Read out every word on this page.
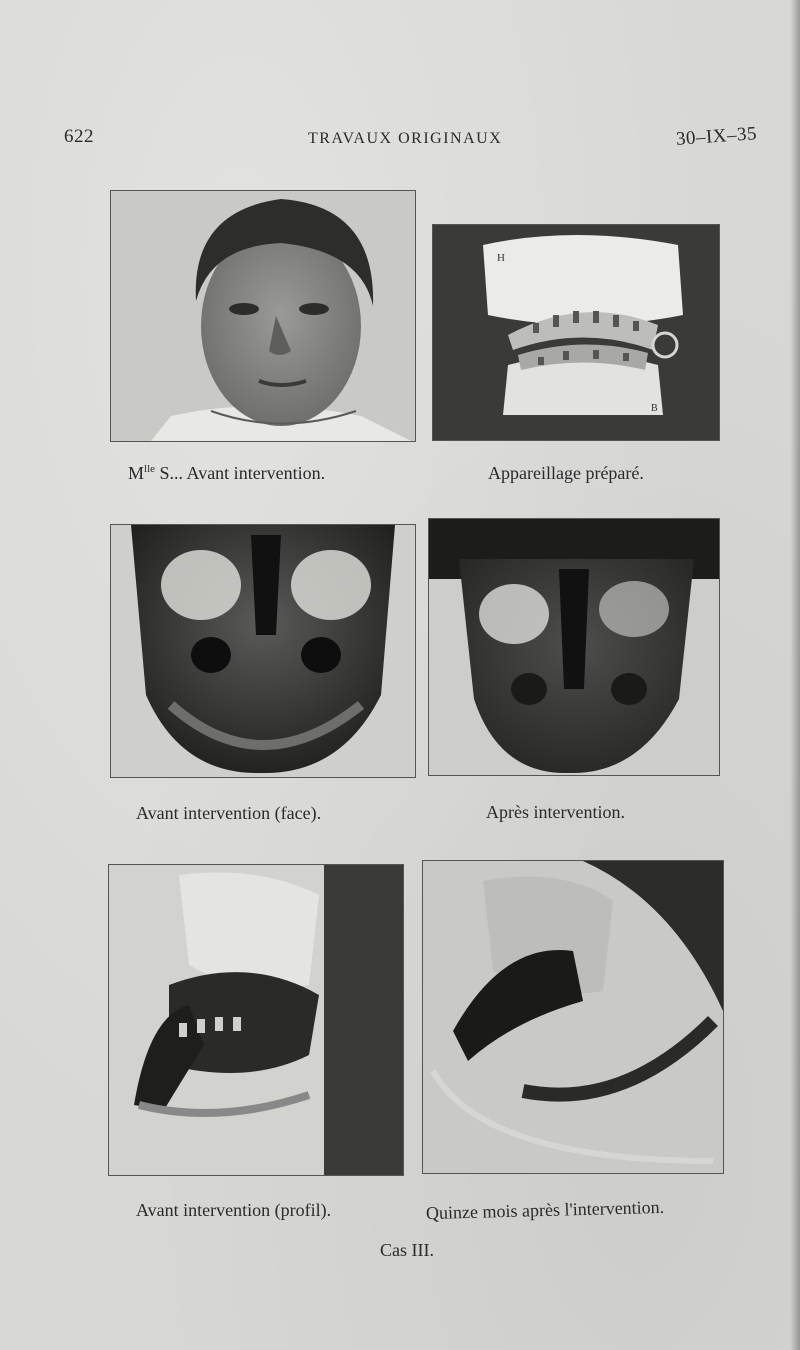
622	TRAVAUX ORIGINAUX	30–IX–35
$M^{lle}$ S... Avant intervention.
H
B
Appareillage préparé.
Avant intervention (face).	Après intervention.
Avant intervention (profil).	Quinze mois après l'intervention.
Cas III.
